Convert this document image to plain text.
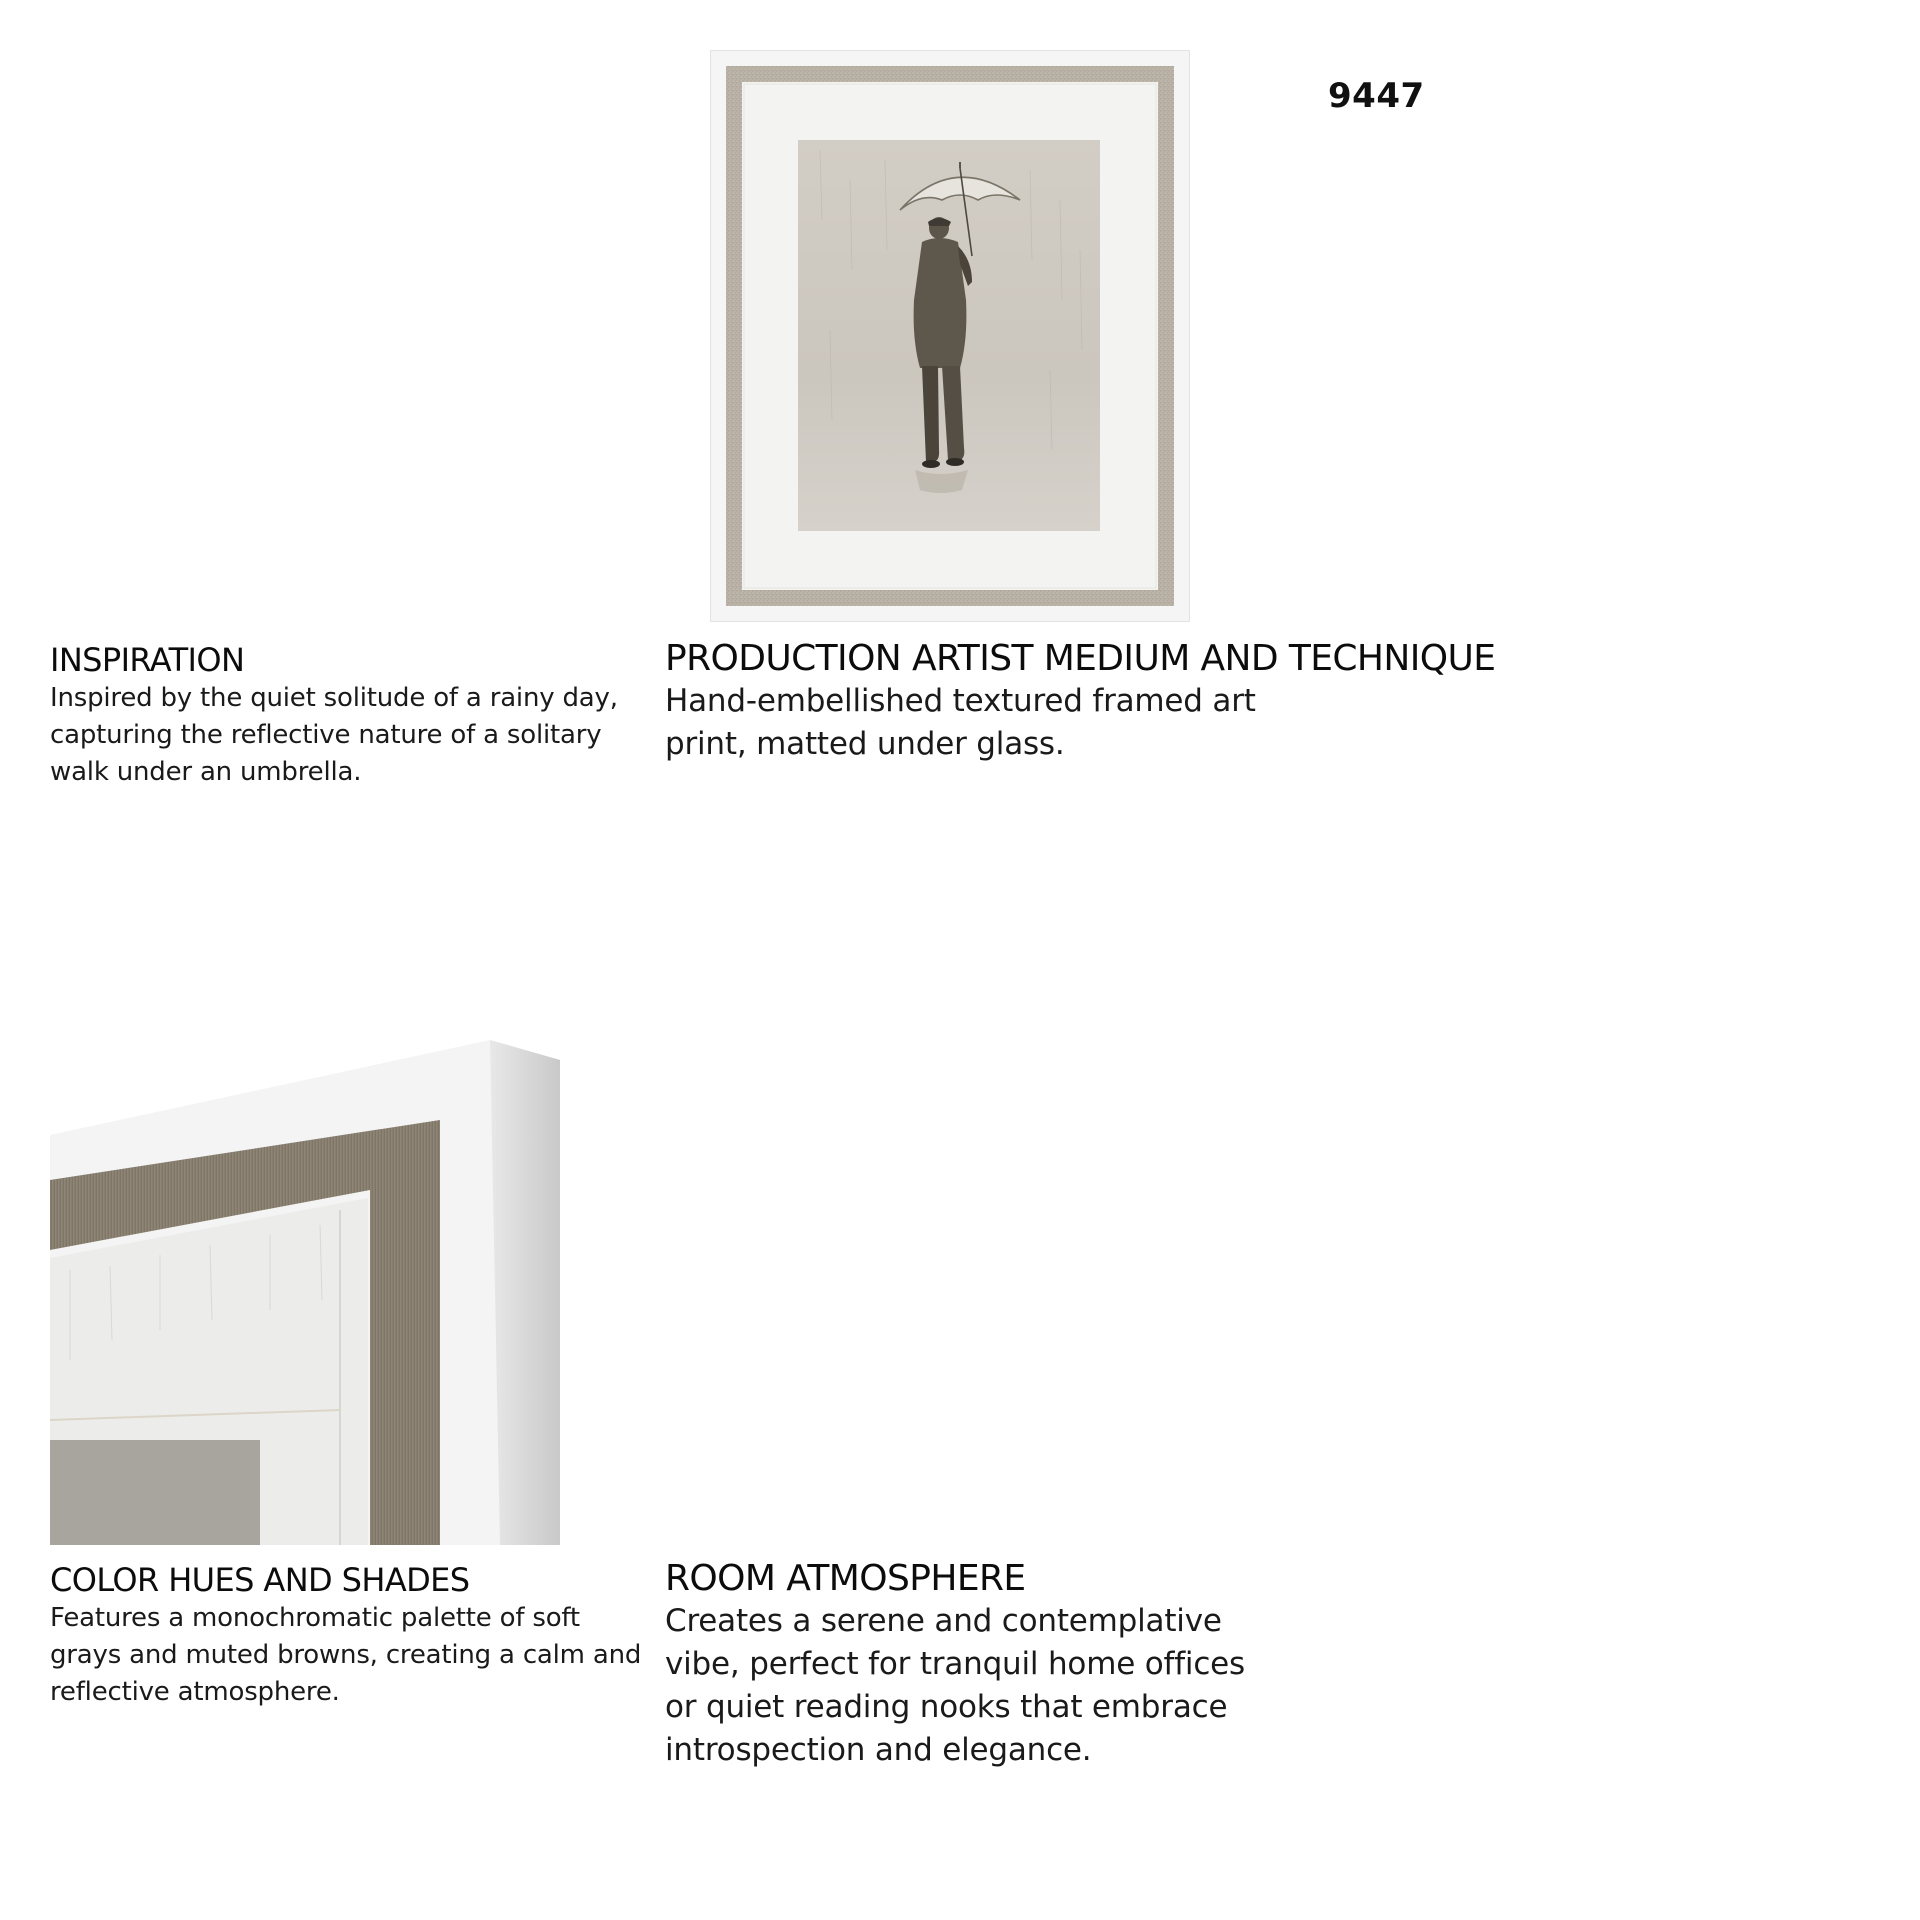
9447
INSPIRATION

Inspired by the quiet solitude of a rainy day, capturing the reflective nature of a solitary walk under an umbrella.

PRODUCTION ARTIST MEDIUM AND TECHNIQUE

Hand-embellished textured framed art print, matted under glass.

COLOR HUES AND SHADES

Features a monochromatic palette of soft grays and muted browns, creating a calm and reflective atmosphere.

ROOM ATMOSPHERE

Creates a serene and contemplative vibe, perfect for tranquil home offices or quiet reading nooks that embrace introspection and elegance.
